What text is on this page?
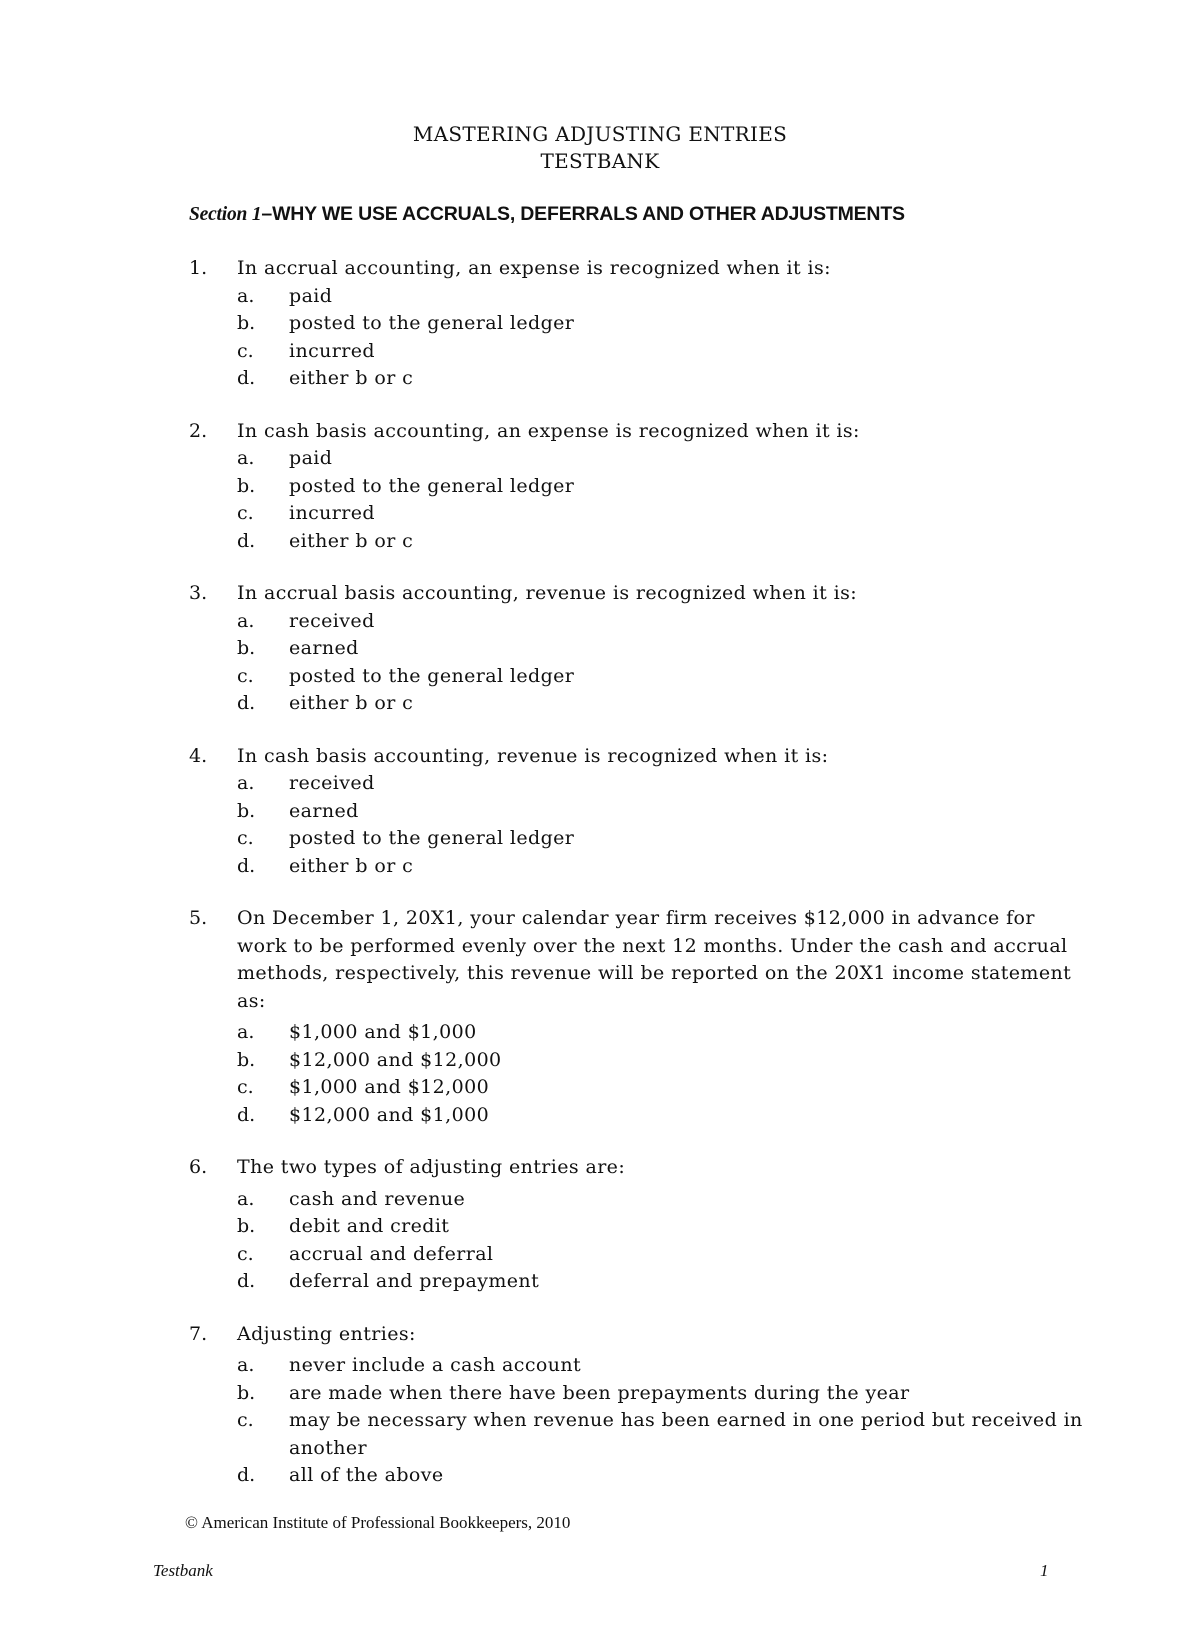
MASTERING ADJUSTING ENTRIES
TESTBANK
Section 1–WHY WE USE ACCRUALS, DEFERRALS AND OTHER ADJUSTMENTS
1.	In accrual accounting, an expense is recognized when it is:
a.	paid
b.	posted to the general ledger
c.	incurred
d.	either b or c
2.	In cash basis accounting, an expense is recognized when it is:
a.	paid
b.	posted to the general ledger
c.	incurred
d.	either b or c
3.	In accrual basis accounting, revenue is recognized when it is:
a.	received
b.	earned
c.	posted to the general ledger
d.	either b or c
4.	In cash basis accounting, revenue is recognized when it is:
a.	received
b.	earned
c.	posted to the general ledger
d.	either b or c
5.	On December 1, 20X1, your calendar year firm receives $12,000 in advance for work to be performed evenly over the next 12 months. Under the cash and accrual methods, respectively, this revenue will be reported on the 20X1 income statement as:
a.	$1,000 and $1,000
b.	$12,000 and $12,000
c.	$1,000 and $12,000
d.	$12,000 and $1,000
6.	The two types of adjusting entries are:
a.	cash and revenue
b.	debit and credit
c.	accrual and deferral
d.	deferral and prepayment
7.	Adjusting entries:
a.	never include a cash account
b.	are made when there have been prepayments during the year
c.	may be necessary when revenue has been earned in one period but received in another
d.	all of the above
© American Institute of Professional Bookkeepers, 2010
Testbank	1
